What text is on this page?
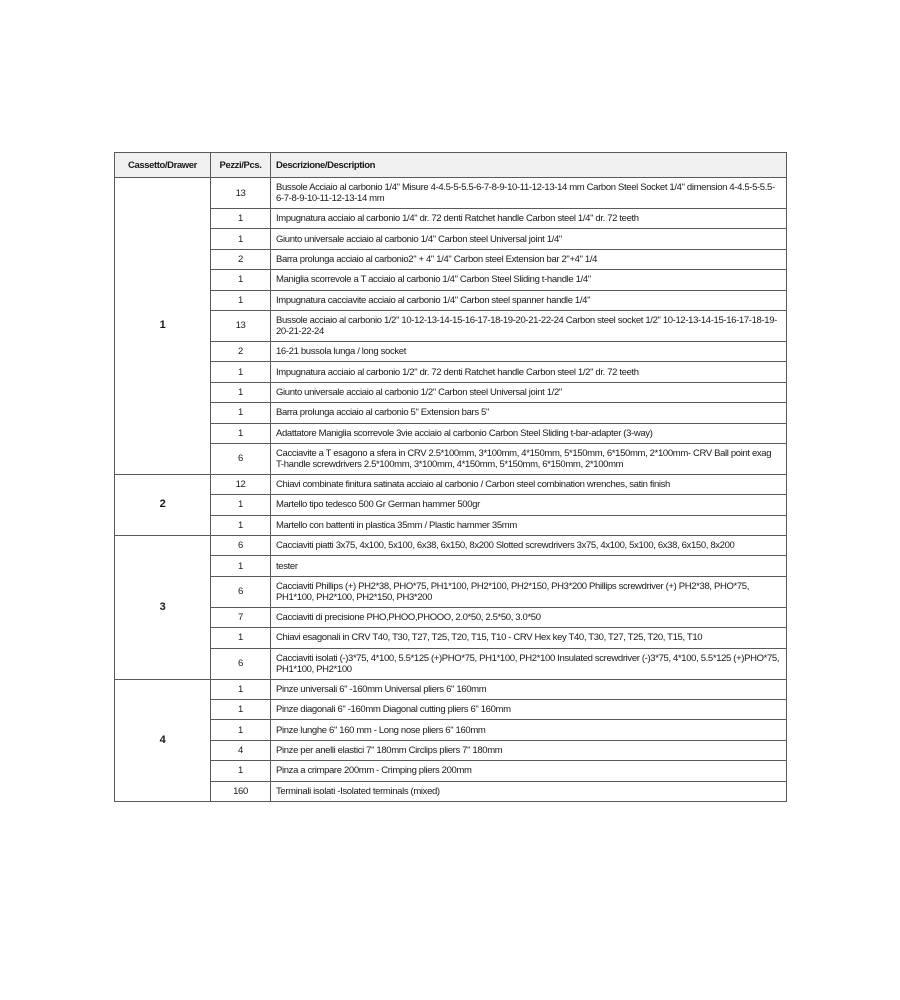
Cassetto/Drawer	Pezzi/Pcs.	Descrizione/Description
1	13	Bussole Acciaio al carbonio 1/4" Misure 4-4.5-5-5.5-6-7-8-9-10-11-12-13-14 mm Carbon Steel Socket 1/4" dimension 4-4.5-5-5.5-6-7-8-9-10-11-12-13-14 mm
	1	Impugnatura acciaio al carbonio 1/4" dr. 72 denti Ratchet handle Carbon steel 1/4" dr. 72 teeth
	1	Giunto universale acciaio al carbonio 1/4" Carbon steel Universal joint 1/4"
	2	Barra prolunga acciaio al carbonio2" + 4" 1/4" Carbon steel Extension bar 2"+4" 1/4
	1	Maniglia scorrevole a T acciaio al carbonio 1/4" Carbon Steel Sliding t-handle 1/4"
	1	Impugnatura cacciavite acciaio al carbonio 1/4" Carbon steel spanner handle 1/4"
	13	Bussole acciaio al carbonio 1/2" 10-12-13-14-15-16-17-18-19-20-21-22-24 Carbon steel socket 1/2" 10-12-13-14-15-16-17-18-19-20-21-22-24
	2	16-21 bussola lunga / long socket
	1	Impugnatura acciaio al carbonio 1/2" dr. 72 denti Ratchet handle Carbon steel 1/2" dr. 72 teeth
	1	Giunto universale acciaio al carbonio 1/2" Carbon steel Universal joint 1/2"
	1	Barra prolunga acciaio al carbonio 5" Extension bars 5"
	1	Adattatore Maniglia scorrevole 3vie acciaio al carbonio Carbon Steel Sliding t-bar-adapter (3-way)
	6	Cacciavite a T esagono a sfera in CRV 2.5*100mm, 3*100mm, 4*150mm, 5*150mm, 6*150mm, 2*100mm- CRV Ball point exag T-handle screwdrivers 2.5*100mm, 3*100mm, 4*150mm, 5*150mm, 6*150mm, 2*100mm
2	12	Chiavi combinate finitura satinata acciaio al carbonio / Carbon steel combination wrenches, satin finish
	1	Martello tipo tedesco 500 Gr German hammer 500gr
	1	Martello con battenti in plastica 35mm / Plastic hammer 35mm
3	6	Cacciaviti piatti 3x75, 4x100, 5x100, 6x38, 6x150, 8x200 Slotted screwdrivers 3x75, 4x100, 5x100, 6x38, 6x150, 8x200
	1	tester
	6	Cacciaviti Phillips (+) PH2*38, PHO*75, PH1*100, PH2*100, PH2*150, PH3*200 Phillips screwdriver (+) PH2*38, PHO*75, PH1*100, PH2*100, PH2*150, PH3*200
	7	Cacciaviti di precisione PHO,PHOO,PHOOO, 2.0*50, 2.5*50, 3.0*50
	1	Chiavi esagonali in CRV T40, T30, T27, T25, T20, T15, T10 - CRV Hex key T40, T30, T27, T25, T20, T15, T10
	6	Cacciaviti isolati (-)3*75, 4*100, 5.5*125 (+)PHO*75, PH1*100, PH2*100 Insulated screwdriver (-)3*75, 4*100, 5.5*125 (+)PHO*75, PH1*100, PH2*100
4	1	Pinze universali 6" -160mm Universal pliers 6" 160mm
	1	Pinze diagonali 6" -160mm Diagonal cutting pliers 6" 160mm
	1	Pinze lunghe 6" 160 mm - Long nose pliers 6" 160mm
	4	Pinze per anelli elastici 7" 180mm Circlips pliers 7" 180mm
	1	Pinza a crimpare 200mm - Crimping pliers 200mm
	160	Terminali isolati -Isolated terminals (mixed)
